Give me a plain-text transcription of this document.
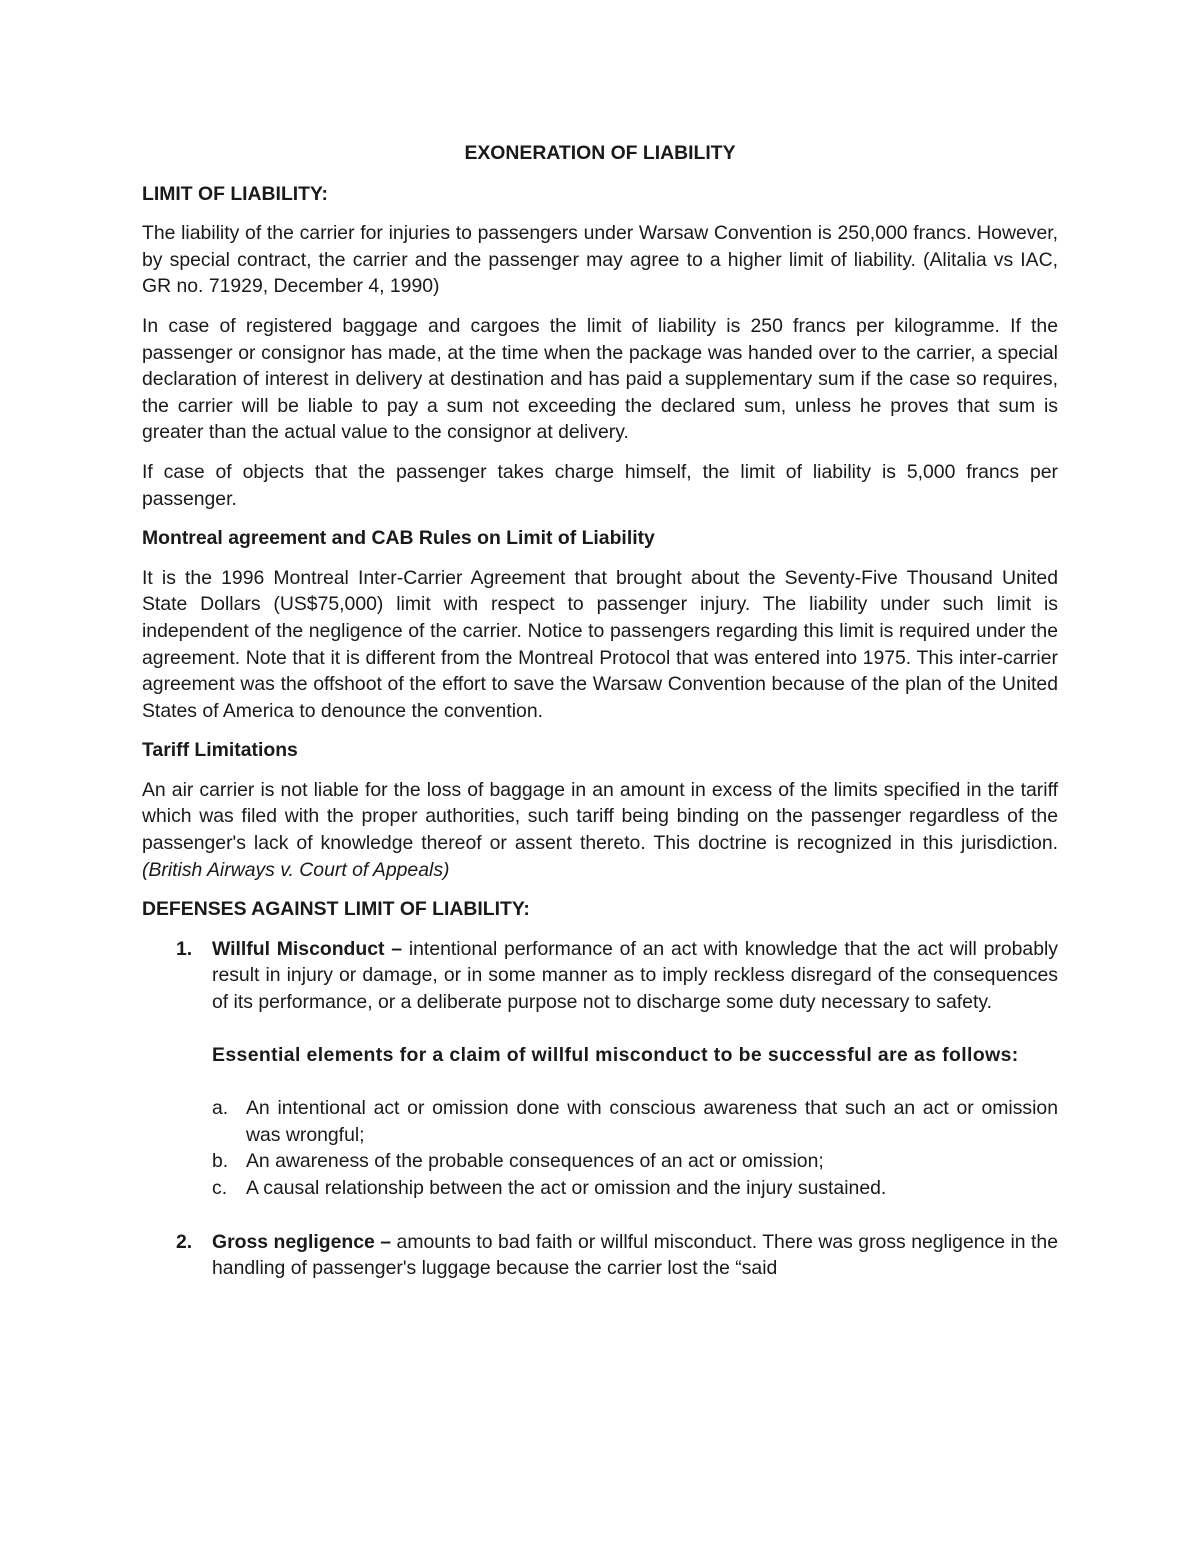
EXONERATION OF LIABILITY
LIMIT OF LIABILITY:

The liability of the carrier for injuries to passengers under Warsaw Convention is 250,000 francs. However, by special contract, the carrier and the passenger may agree to a higher limit of liability. (Alitalia vs IAC, GR no. 71929, December 4, 1990)

In case of registered baggage and cargoes the limit of liability is 250 francs per kilogramme. If the passenger or consignor has made, at the time when the package was handed over to the carrier, a special declaration of interest in delivery at destination and has paid a supplementary sum if the case so requires, the carrier will be liable to pay a sum not exceeding the declared sum, unless he proves that sum is greater than the actual value to the consignor at delivery.

If case of objects that the passenger takes charge himself, the limit of liability is 5,000 francs per passenger.

Montreal agreement and CAB Rules on Limit of Liability

It is the 1996 Montreal Inter-Carrier Agreement that brought about the Seventy-Five Thousand United State Dollars (US$75,000) limit with respect to passenger injury. The liability under such limit is independent of the negligence of the carrier. Notice to passengers regarding this limit is required under the agreement. Note that it is different from the Montreal Protocol that was entered into 1975. This inter-carrier agreement was the offshoot of the effort to save the Warsaw Convention because of the plan of the United States of America to denounce the convention.

Tariff Limitations

An air carrier is not liable for the loss of baggage in an amount in excess of the limits specified in the tariff which was filed with the proper authorities, such tariff being binding on the passenger regardless of the passenger's lack of knowledge thereof or assent thereto. This doctrine is recognized in this jurisdiction. (British Airways v. Court of Appeals)

DEFENSES AGAINST LIMIT OF LIABILITY:
1. Willful Misconduct – intentional performance of an act with knowledge that the act will probably result in injury or damage, or in some manner as to imply reckless disregard of the consequences of its performance, or a deliberate purpose not to discharge some duty necessary to safety.

Essential elements for a claim of willful misconduct to be successful are as follows:
a. An intentional act or omission done with conscious awareness that such an act or omission was wrongful;
b. An awareness of the probable consequences of an act or omission;
c. A causal relationship between the act or omission and the injury sustained.
2. Gross negligence – amounts to bad faith or willful misconduct. There was gross negligence in the handling of passenger's luggage because the carrier lost the “said
